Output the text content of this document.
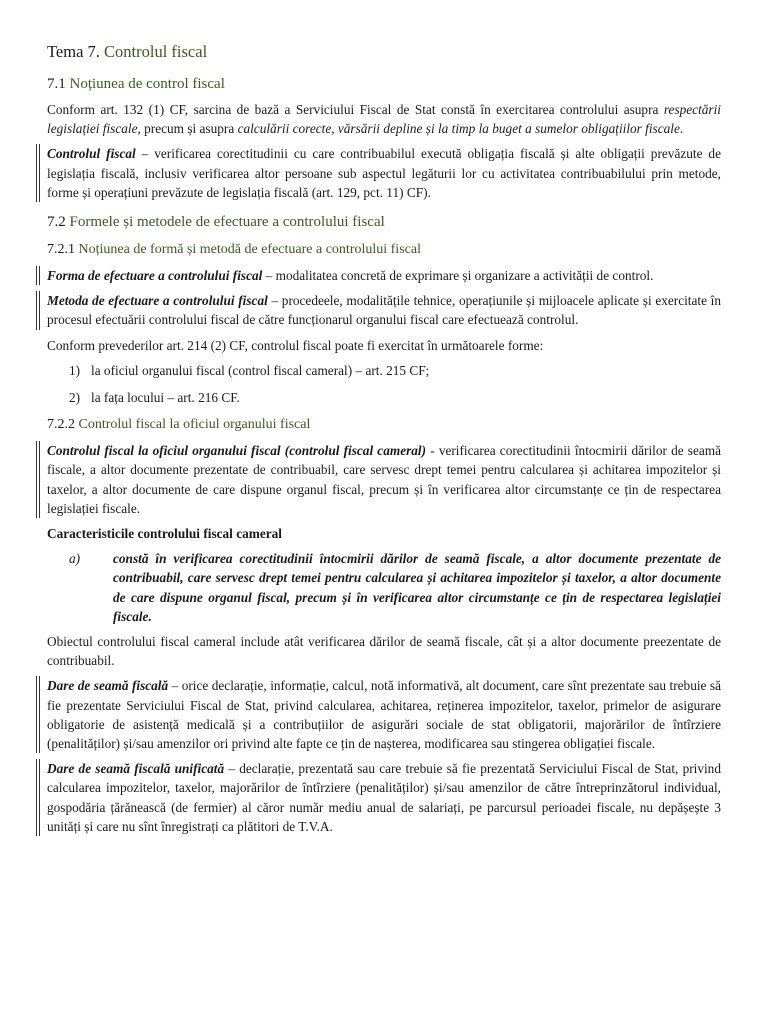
Tema 7. Controlul fiscal
7.1 Noțiunea de control fiscal

Conform art. 132 (1) CF, sarcina de bază a Serviciului Fiscal de Stat constă în exercitarea controlului asupra respectării legislației fiscale, precum și asupra calculării corecte, vărsării depline și la timp la buget a sumelor obligațiilor fiscale.

Controlul fiscal – verificarea corectitudinii cu care contribuabilul execută obligația fiscală și alte obligații prevăzute de legislația fiscală, inclusiv verificarea altor persoane sub aspectul legăturii lor cu activitatea contribuabilului prin metode, forme și operațiuni prevăzute de legislația fiscală (art. 129, pct. 11) CF).

7.2 Formele și metodele de efectuare a controlului fiscal
7.2.1 Noțiunea de formă și metodă de efectuare a controlului fiscal

Forma de efectuare a controlului fiscal – modalitatea concretă de exprimare și organizare a activității de control.

Metoda de efectuare a controlului fiscal – procedeele, modalitățile tehnice, operațiunile și mijloacele aplicate și exercitate în procesul efectuării controlului fiscal de către funcționarul organului fiscal care efectuează controlul.

Conform prevederilor art. 214 (2) CF, controlul fiscal poate fi exercitat în următoarele forme:

1) la oficiul organului fiscal (control fiscal cameral) – art. 215 CF;
2) la fața locului – art. 216 CF.
7.2.2 Controlul fiscal la oficiul organului fiscal

Controlul fiscal la oficiul organului fiscal (controlul fiscal cameral) - verificarea corectitudinii întocmirii dărilor de seamă fiscale, a altor documente prezentate de contribuabil, care servesc drept temei pentru calcularea și achitarea impozitelor și taxelor, a altor documente de care dispune organul fiscal, precum și în verificarea altor circumstanțe ce țin de respectarea legislației fiscale.

Caracteristicile controlului fiscal cameral

a) constă în verificarea corectitudinii întocmirii dărilor de seamă fiscale, a altor documente prezentate de contribuabil, care servesc drept temei pentru calcularea și achitarea impozitelor și taxelor, a altor documente de care dispune organul fiscal, precum și în verificarea altor circumstanțe ce țin de respectarea legislației fiscale.

Obiectul controlului fiscal cameral include atât verificarea dărilor de seamă fiscale, cât și a altor documente preezentate de contribuabil.

Dare de seamă fiscală – orice declarație, informație, calcul, notă informativă, alt document, care sînt prezentate sau trebuie să fie prezentate Serviciului Fiscal de Stat, privind calcularea, achitarea, reținerea impozitelor, taxelor, primelor de asigurare obligatorie de asistență medicală și a contribuțiilor de asigurări sociale de stat obligatorii, majorărilor de întîrziere (penalităților) și/sau amenzilor ori privind alte fapte ce țin de nașterea, modificarea sau stingerea obligației fiscale.

Dare de seamă fiscală unificată – declarație, prezentată sau care trebuie să fie prezentată Serviciului Fiscal de Stat, privind calcularea impozitelor, taxelor, majorărilor de întîrziere (penalităților) și/sau amenzilor de către întreprinzătorul individual, gospodăria țărănească (de fermier) al căror număr mediu anual de salariați, pe parcursul perioadei fiscale, nu depășește 3 unități și care nu sînt înregistrați ca plătitori de T.V.A.
